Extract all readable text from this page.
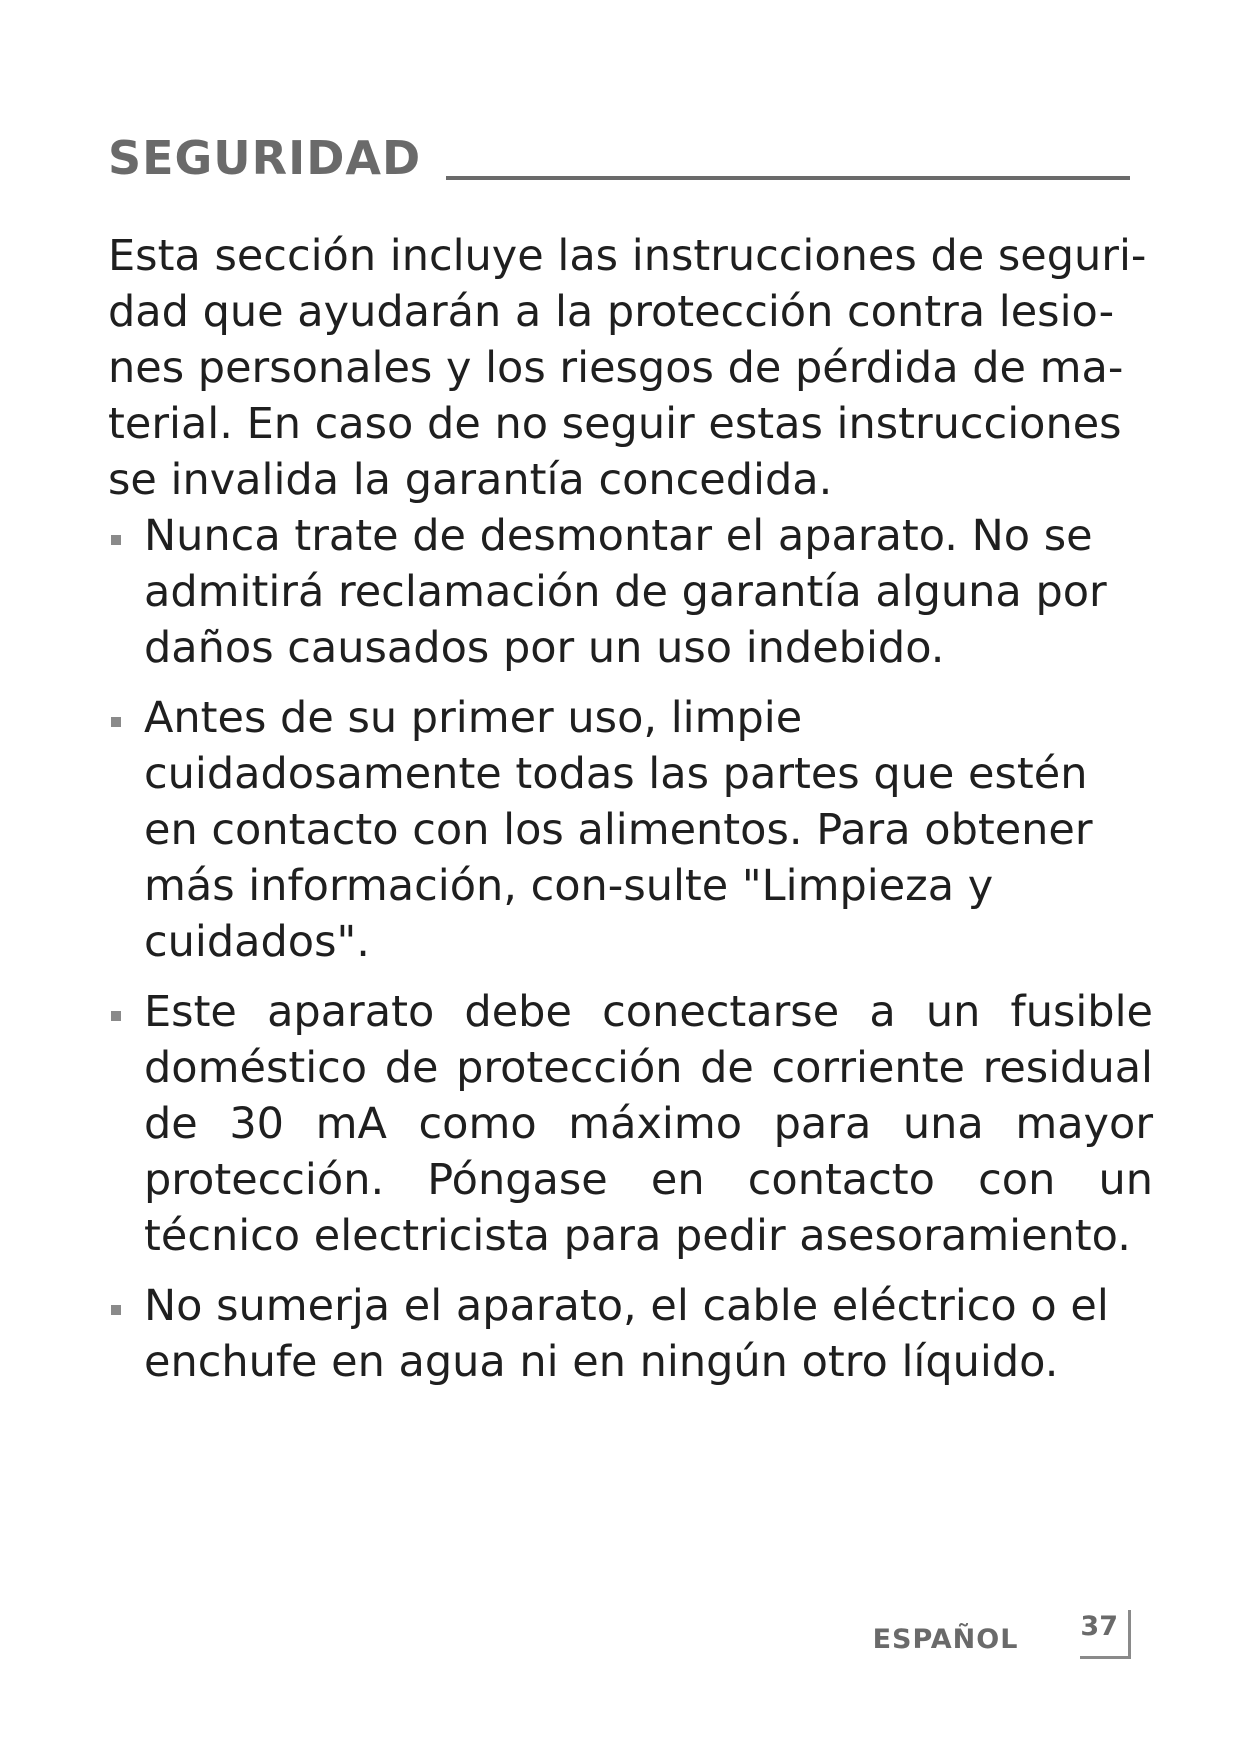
SEGURIDAD

Esta sección incluye las instrucciones de seguri-dad que ayudarán a la protección contra lesio-nes personales y los riesgos de pérdida de ma-terial. En caso de no seguir estas instrucciones se invalida la garantía concedida.

Nunca trate de desmontar el aparato. No se admitirá reclamación de garantía alguna por daños causados por un uso indebido.
Antes de su primer uso, limpie cuidadosamente todas las partes que estén en contacto con los alimentos. Para obtener más información, con-sulte "Limpieza y cuidados".
Este aparato debe conectarse a un fusible doméstico de protección de corriente residual de 30 mA como máximo para una mayor protección. Póngase en contacto con un técnico electricista para pedir asesoramiento.
No sumerja el aparato, el cable eléctrico o el enchufe en agua ni en ningún otro líquido.
ESPAÑOL 37
